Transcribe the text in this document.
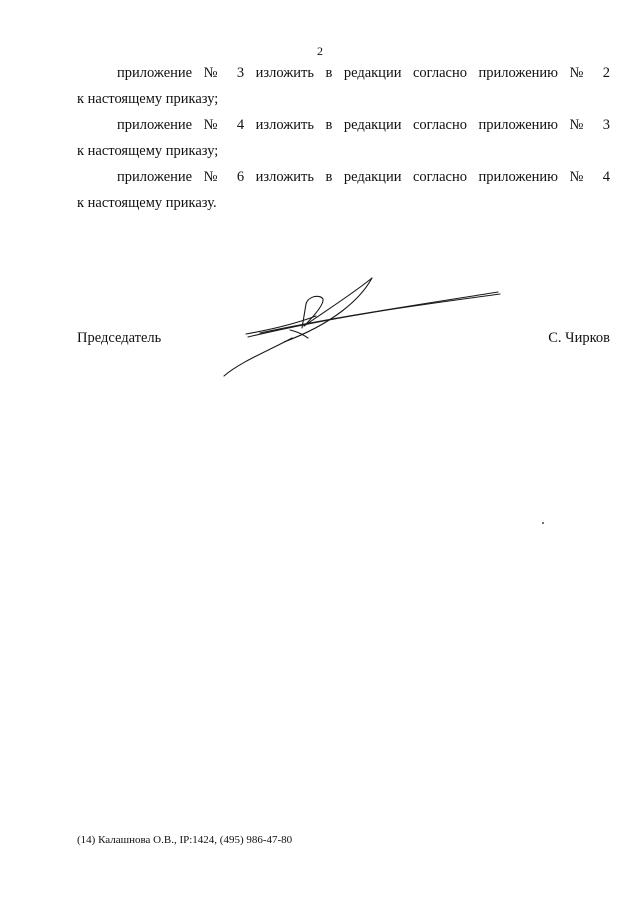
2
приложение № 3 изложить в редакции согласно приложению № 2
к настоящему приказу;
приложение № 4 изложить в редакции согласно приложению № 3
к настоящему приказу;
приложение № 6 изложить в редакции согласно приложению № 4
к настоящему приказу.
Председатель	С. Чирков
(14) Калашнова О.В., IP:1424, (495) 986-47-80
